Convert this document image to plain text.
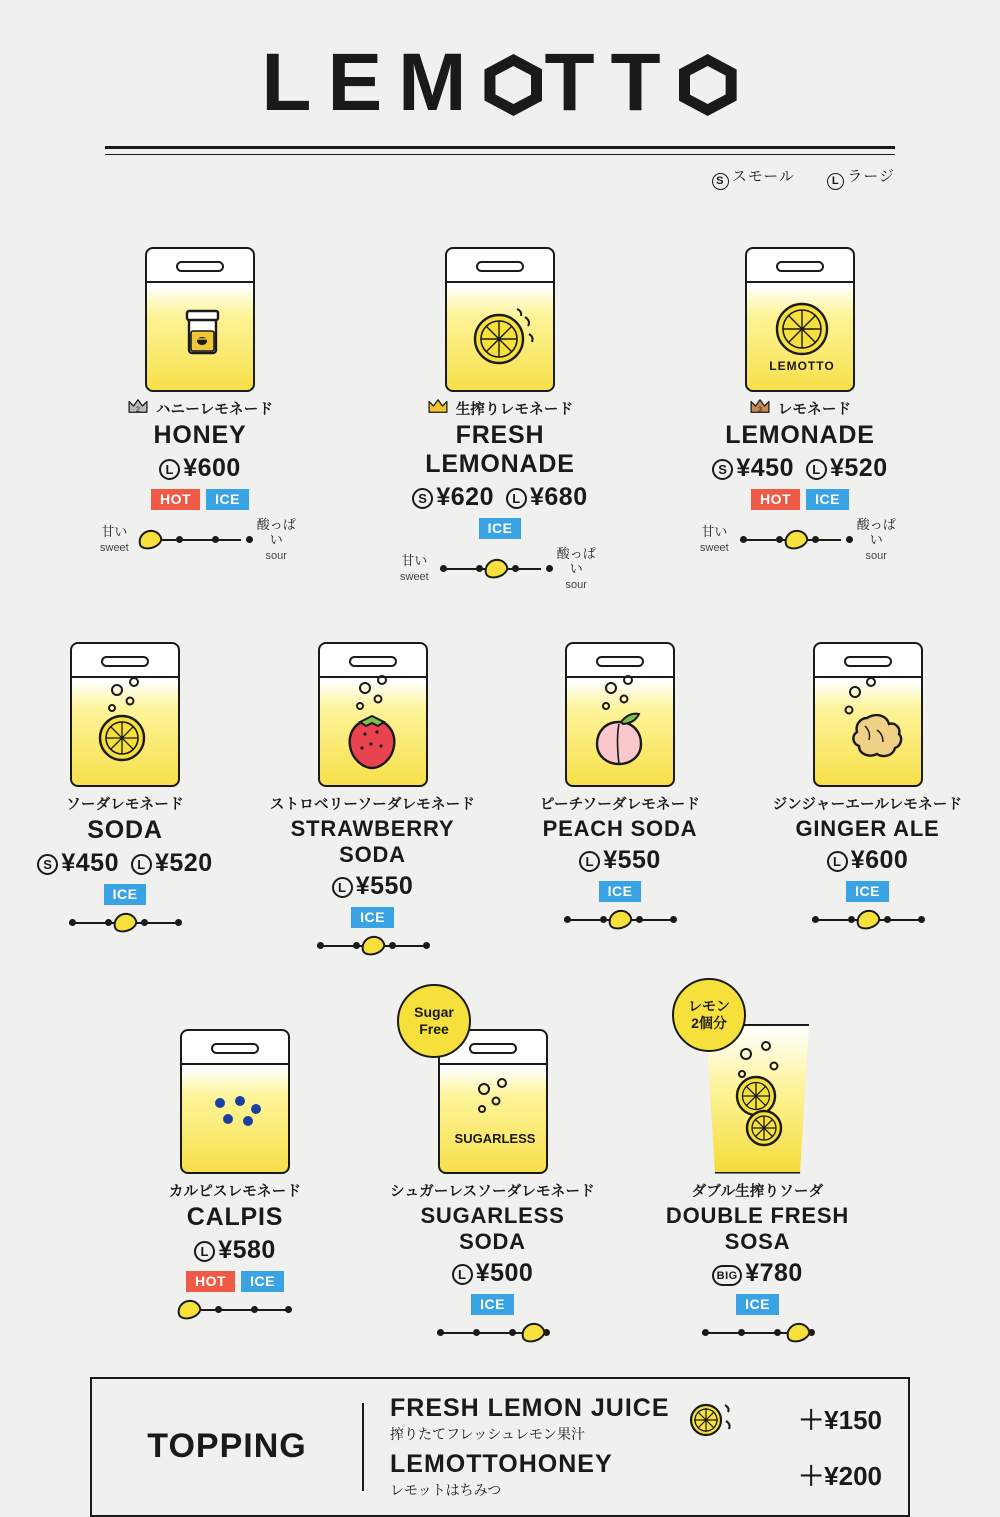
LEM TT
S スモール	L ラージ
2 ハニーレモネード
HONEY
L ¥600
HOT	ICE
甘い
sweet
酸っぱい
sour
生搾りレモネード
FRESH LEMONADE
S ¥620 L ¥680
ICE
甘い
sweet
酸っぱい
sour
LEMOTTO
3 レモネード
LEMONADE
S ¥450 L ¥520
HOT	ICE
甘い
sweet
酸っぱい
sour
ソーダレモネード
SODA
S ¥450 L ¥520
ICE
ストロベリーソーダレモネード
STRAWBERRY SODA
L ¥550
ICE
ピーチソーダレモネード
PEACH SODA
L ¥550
ICE
ジンジャーエールレモネード
GINGER ALE
L ¥600
ICE
カルピスレモネード
CALPIS
L ¥580
HOT	ICE
Sugar
Free
SUGARLESS
シュガーレスソーダレモネード
SUGARLESS SODA
L ¥500
ICE
レモン
2個分
ダブル生搾りソーダ
DOUBLE FRESH SOSA
BIG ¥780
ICE
TOPPING
FRESH LEMON JUICE
搾りたてフレッシュレモン果汁	＋¥150
LEMOTTOHONEY
レモットはちみつ	＋¥200
